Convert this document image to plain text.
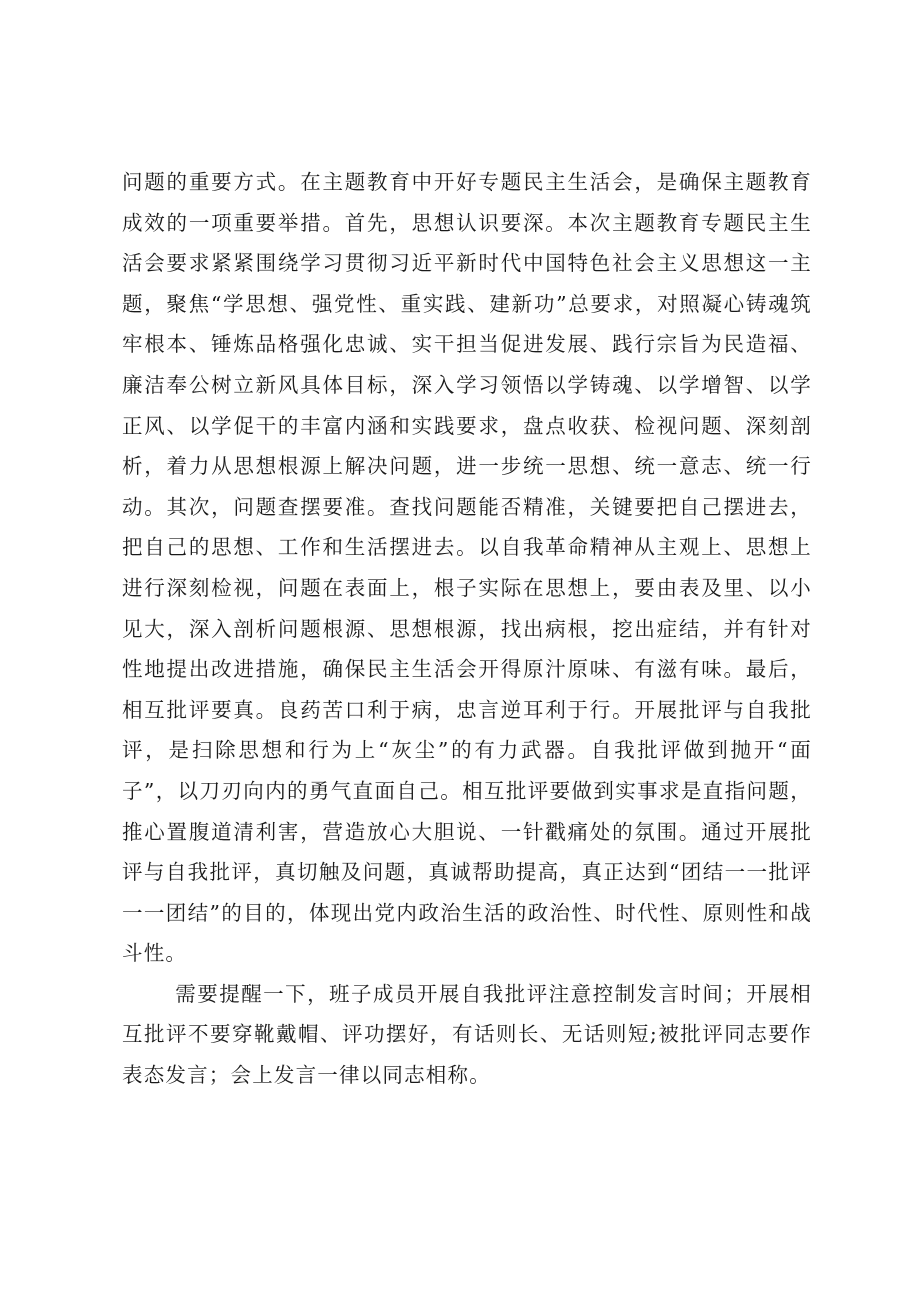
问题的重要方式。在主题教育中开好专题民主生活会，是确保主题教育成效的一项重要举措。首先，思想认识要深。本次主题教育专题民主生活会要求紧紧围绕学习贯彻习近平新时代中国特色社会主义思想这一主题，聚焦“学思想、强党性、重实践、建新功”总要求，对照凝心铸魂筑牢根本、锤炼品格强化忠诚、实干担当促进发展、践行宗旨为民造福、廉洁奉公树立新风具体目标，深入学习领悟以学铸魂、以学增智、以学正风、以学促干的丰富内涵和实践要求，盘点收获、检视问题、深刻剖析，着力从思想根源上解决问题，进一步统一思想、统一意志、统一行动。其次，问题查摆要准。查找问题能否精准，关键要把自己摆进去，把自己的思想、工作和生活摆进去。以自我革命精神从主观上、思想上进行深刻检视，问题在表面上，根子实际在思想上，要由表及里、以小见大，深入剖析问题根源、思想根源，找出病根，挖出症结，并有针对性地提出改进措施，确保民主生活会开得原汁原味、有滋有味。最后，相互批评要真。良药苦口利于病，忠言逆耳利于行。开展批评与自我批评，是扫除思想和行为上“灰尘”的有力武器。自我批评做到抛开“面子”，以刀刃向内的勇气直面自己。相互批评要做到实事求是直指问题，推心置腹道清利害，营造放心大胆说、一针戳痛处的氛围。通过开展批评与自我批评，真切触及问题，真诚帮助提高，真正达到“团结一一批评一一团结”的目的，体现出党内政治生活的政治性、时代性、原则性和战斗性。

需要提醒一下，班子成员开展自我批评注意控制发言时间；开展相互批评不要穿靴戴帽、评功摆好，有话则长、无话则短;被批评同志要作表态发言；会上发言一律以同志相称。
